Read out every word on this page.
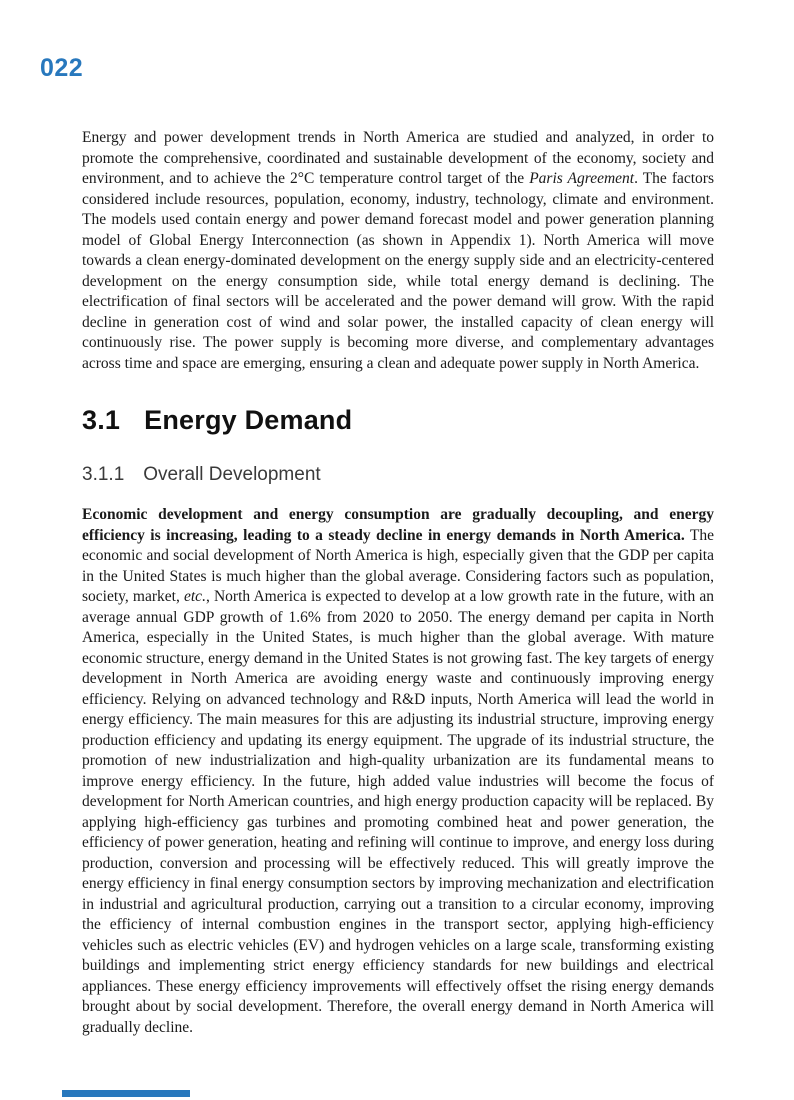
022

Energy and power development trends in North America are studied and analyzed, in order to promote the comprehensive, coordinated and sustainable development of the economy, society and environment, and to achieve the 2°C temperature control target of the Paris Agreement. The factors considered include resources, population, economy, industry, technology, climate and environment. The models used contain energy and power demand forecast model and power generation planning model of Global Energy Interconnection (as shown in Appendix 1). North America will move towards a clean energy-dominated development on the energy supply side and an electricity-centered development on the energy consumption side, while total energy demand is declining. The electrification of final sectors will be accelerated and the power demand will grow. With the rapid decline in generation cost of wind and solar power, the installed capacity of clean energy will continuously rise. The power supply is becoming more diverse, and complementary advantages across time and space are emerging, ensuring a clean and adequate power supply in North America.

3.1 Energy Demand
3.1.1 Overall Development

Economic development and energy consumption are gradually decoupling, and energy efficiency is increasing, leading to a steady decline in energy demands in North America. The economic and social development of North America is high, especially given that the GDP per capita in the United States is much higher than the global average. Considering factors such as population, society, market, etc., North America is expected to develop at a low growth rate in the future, with an average annual GDP growth of 1.6% from 2020 to 2050. The energy demand per capita in North America, especially in the United States, is much higher than the global average. With mature economic structure, energy demand in the United States is not growing fast. The key targets of energy development in North America are avoiding energy waste and continuously improving energy efficiency. Relying on advanced technology and R&D inputs, North America will lead the world in energy efficiency. The main measures for this are adjusting its industrial structure, improving energy production efficiency and updating its energy equipment. The upgrade of its industrial structure, the promotion of new industrialization and high-quality urbanization are its fundamental means to improve energy efficiency. In the future, high added value industries will become the focus of development for North American countries, and high energy production capacity will be replaced. By applying high-efficiency gas turbines and promoting combined heat and power generation, the efficiency of power generation, heating and refining will continue to improve, and energy loss during production, conversion and processing will be effectively reduced. This will greatly improve the energy efficiency in final energy consumption sectors by improving mechanization and electrification in industrial and agricultural production, carrying out a transition to a circular economy, improving the efficiency of internal combustion engines in the transport sector, applying high-efficiency vehicles such as electric vehicles (EV) and hydrogen vehicles on a large scale, transforming existing buildings and implementing strict energy efficiency standards for new buildings and electrical appliances. These energy efficiency improvements will effectively offset the rising energy demands brought about by social development. Therefore, the overall energy demand in North America will gradually decline.
